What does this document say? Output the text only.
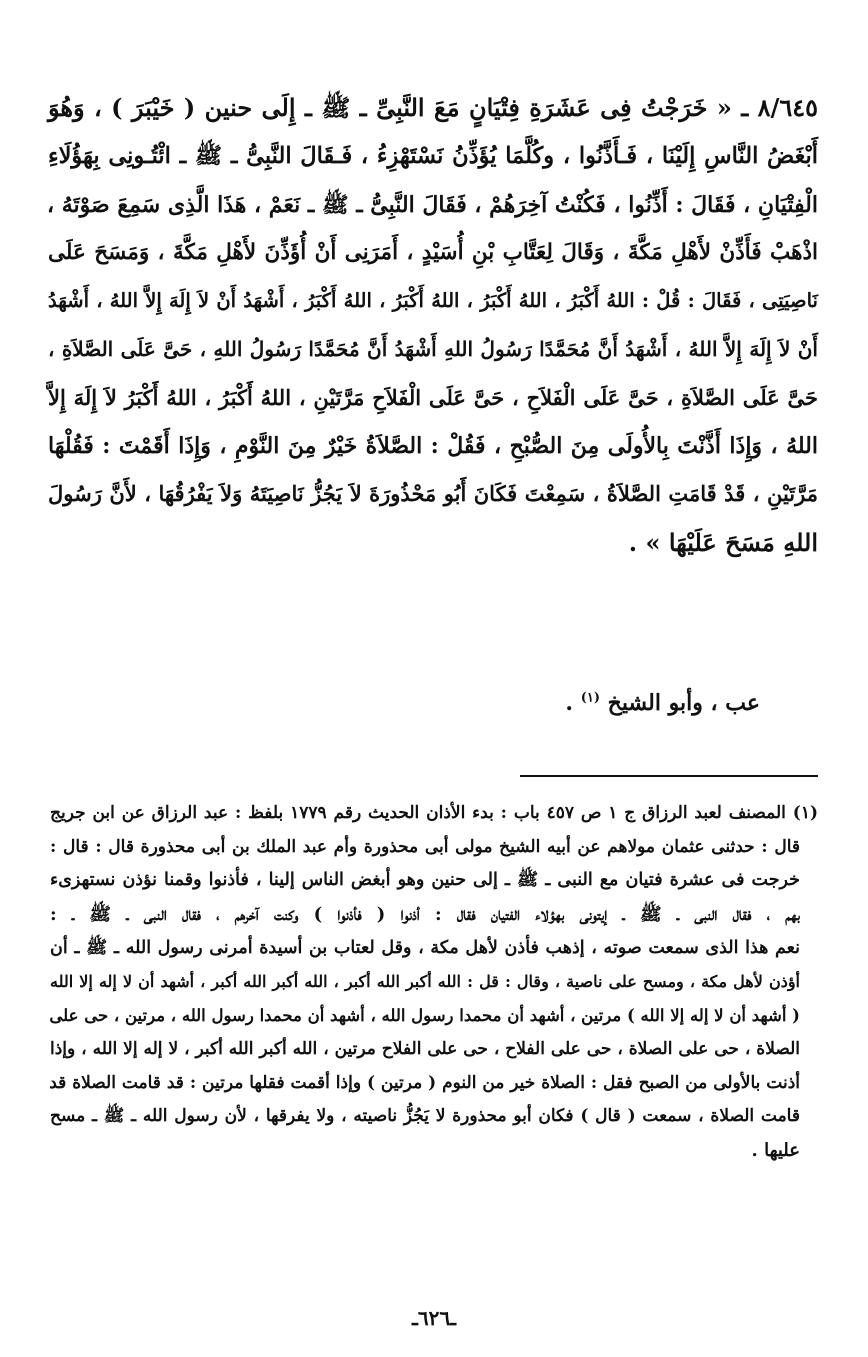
٨/٦٤٥ ـ « خَرَجْتُ فِى عَشَرَةِ فِتْيَانٍ مَعَ النَّبِىِّ ـ ﷺ ـ إِلَى حنين ( خَيْبَرَ ) ، وَهُوَ
أَبْغَضُ النَّاسِ إِلَيْنَا ، فَـأَذَّنُوا ، وكُلَّمَا يُؤَذِّنُ نَسْتَهْزِءُ ، فَـقَالَ النَّبِىُّ ـ ﷺ ـ ائْتُـونِى بِهَؤُلَاءِ
الْفِتْيَانِ ، فَقَالَ : أَذِّنُوا ، فَكُنْتُ آخِرَهُمْ ، فَقَالَ النَّبِىُّ ـ ﷺ ـ نَعَمْ ، هَذَا الَّذِى سَمِعَ صَوْتَهُ ،
اذْهَبْ فَأَذِّنْ لأَهْلِ مَكَّةَ ، وَقَالَ لِعَتَّابِ بْنِ أُسَيْدٍ ، أَمَرَنِى أَنْ أُؤَذِّنَ لأَهْلِ مَكَّةَ ، وَمَسَحَ عَلَى
نَاصِيَتِى ، فَقَالَ : قُلْ : اللهُ أَكْبَرُ ، اللهُ أَكْبَرُ ، اللهُ أَكْبَرُ ، اللهُ أَكْبَرُ ، أَشْهَدُ أَنْ لاَ إِلَهَ إِلاَّ اللهُ ، أَشْهَدُ
أَنْ لاَ إِلَهَ إِلاَّ اللهُ ، أَشْهَدُ أَنَّ مُحَمَّدًا رَسُولُ اللهِ أَشْهَدُ أَنَّ مُحَمَّدًا رَسُولُ اللهِ ، حَىَّ عَلَى الصَّلاَةِ ،
حَىَّ عَلَى الصَّلاَةِ ، حَىَّ عَلَى الْفَلاَحِ ، حَىَّ عَلَى الْفَلاَحِ مَرَّتَيْنِ ، اللهُ أَكْبَرُ ، اللهُ أَكْبَرُ لاَ إِلَهَ إِلاَّ
اللهُ ، وَإِذَا أَذَّنْتَ بِالأُولَى مِنَ الصُّبْحِ ، فَقُلْ : الصَّلاَةُ خَيْرٌ مِنَ النَّوْمِ ، وَإِذَا أَقَمْتَ : فَقُلْهَا
مَرَّتَيْنِ ، قَدْ قَامَتِ الصَّلاَةُ ، سَمِعْتَ فَكَانَ أَبُو مَحْذُورَةَ لاَ يَجُزُّ نَاصِيَتَهُ وَلاَ يَفْرُقُهَا ، لأَنَّ رَسُولَ
اللهِ مَسَحَ عَلَيْهَا » .
عب ، وأبو الشيخ $^{(١)}$ .
(١) المصنف لعبد الرزاق ج ١ ص ٤٥٧ باب : بدء الأذان الحديث رقم ١٧٧٩ بلفظ : عبد الرزاق عن ابن جريج
قال : حدثنى عثمان مولاهم عن أبيه الشيخ مولى أبى محذورة وأم عبد الملك بن أبى محذورة قال : قال :
خرجت فى عشرة فتيان مع النبى ـ ﷺ ـ إلى حنين وهو أبغض الناس إلينا ، فأذنوا وقمنا نؤذن نستهزىء
بهم ، فقال النبى ـ ﷺ ـ إيتونى بهؤلاء الفتيان فقال : أذنوا ( فأذنوا ) وكنت آخرهم ، فقال النبى ـ ﷺ ـ :
نعم هذا الذى سمعت صوته ، إذهب فأذن لأهل مكة ، وقل لعتاب بن أسيدة أمرنى رسول الله ـ ﷺ ـ أن
أؤذن لأهل مكة ، ومسح على ناصية ، وقال : قل : الله أكبر الله أكبر ، الله أكبر الله أكبر ، أشهد أن لا إله إلا الله
( أشهد أن لا إله إلا الله ) مرتين ، أشهد أن محمدا رسول الله ، أشهد أن محمدا رسول الله ، مرتين ، حى على
الصلاة ، حى على الصلاة ، حى على الفلاح ، حى على الفلاح مرتين ، الله أكبر الله أكبر ، لا إله إلا الله ، وإذا
أذنت بالأولى من الصبح فقل : الصلاة خير من النوم ( مرتين ) وإذا أقمت فقلها مرتين : قد قامت الصلاة قد
قامت الصلاة ، سمعت ( قال ) فكان أبو محذورة لا يَجُزُّ ناصيته ، ولا يفرقها ، لأن رسول الله ـ ﷺ ـ مسح
عليها .
ـ٦٢٦ـ
